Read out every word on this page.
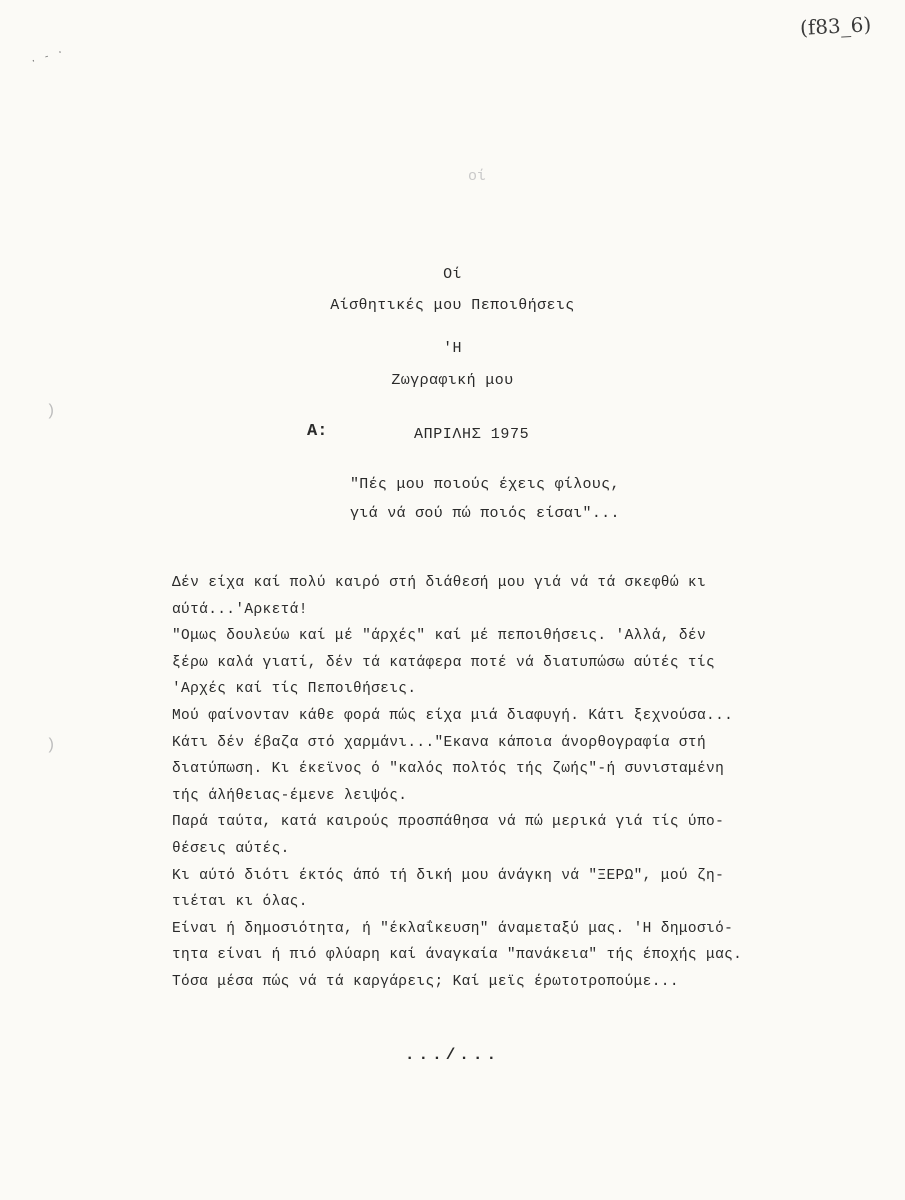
· - ·
(f83_6)
οί
)
)
Οί
Αίσθητικές μου Πεποιθήσεις
'Η
Ζωγραφική μου
Α:	ΑΠΡΙΛΗΣ 1975
"Πές μου ποιούς έχεις φίλους,
γιά νά σού πώ ποιός είσαι"...
Δέν είχα καί πολύ καιρό στή διάθεσή μου γιά νά τά σκεφθώ κι
αύτά...'Αρκετά!
"Ομως δουλεύω καί μέ "άρχές" καί μέ πεποιθήσεις. 'Αλλά, δέν
ξέρω καλά γιατί, δέν τά κατάφερα ποτέ νά διατυπώσω αύτές τίς
'Αρχές καί τίς Πεποιθήσεις.
Μού φαίνονταν κάθε φορά πώς είχα μιά διαφυγή. Κάτι ξεχνούσα...
Κάτι δέν έβαζα στό χαρμάνι..."Εκανα κάποια άνορθογραφία στή
διατύπωση. Κι έκεϊνος ό "καλός πολτός τής ζωής"-ή συνισταμένη
τής άλήθειας-έμενε λειψός.
Παρά ταύτα, κατά καιρούς προσπάθησα νά πώ μερικά γιά τίς ύπο-
θέσεις αύτές.
Κι αύτό διότι έκτός άπό τή δική μου άνάγκη νά "ΞΕΡΩ", μού ζη-
τιέται κι όλας.
Είναι ή δημοσιότητα, ή "έκλαΐκευση" άναμεταξύ μας. 'Η δημοσιό-
τητα είναι ή πιό φλύαρη καί άναγκαία "πανάκεια" τής έποχής μας.
Τόσα μέσα πώς νά τά καργάρεις; Καί μεϊς έρωτοτροπούμε...
.../...
